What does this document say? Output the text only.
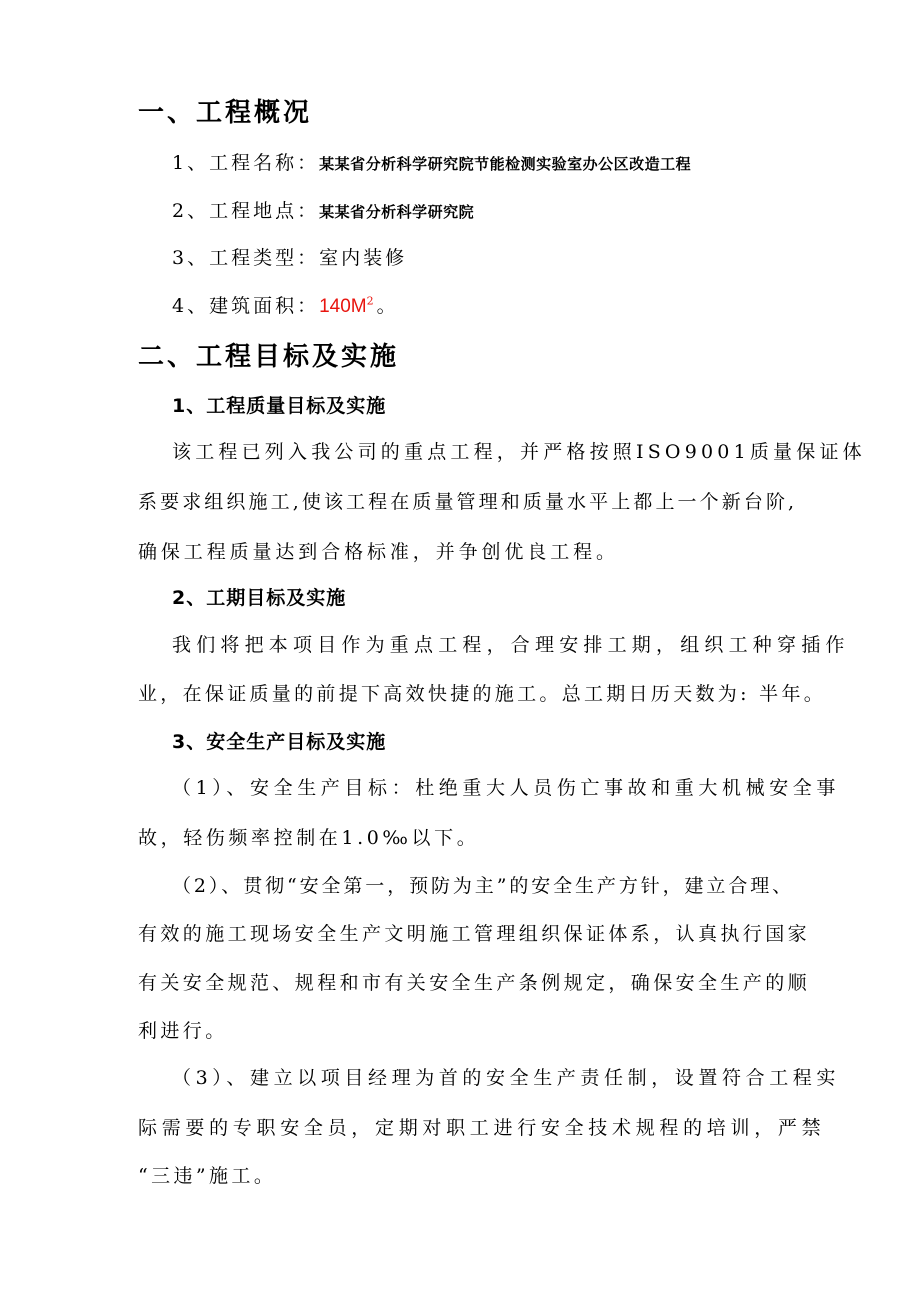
一、工程概况
1、工程名称：某某省分析科学研究院节能检测实验室办公区改造工程
2、工程地点：某某省分析科学研究院
3、工程类型：室内装修
4、建筑面积：$140M^2$。
二、工程目标及实施
1、工程质量目标及实施
该工程已列入我公司的重点工程，并严格按照ISO9001质量保证体
系要求组织施工,使该工程在质量管理和质量水平上都上一个新台阶,
确保工程质量达到合格标准，并争创优良工程。
2、工期目标及实施
我们将把本项目作为重点工程，合理安排工期，组织工种穿插作
业，在保证质量的前提下高效快捷的施工。总工期日历天数为: 半年。
3、安全生产目标及实施
（1）、安全生产目标：杜绝重大人员伤亡事故和重大机械安全事
故，轻伤频率控制在1.0‰以下。
（2）、贯彻“安全第一，预防为主”的安全生产方针，建立合理、
有效的施工现场安全生产文明施工管理组织保证体系，认真执行国家
有关安全规范、规程和市有关安全生产条例规定，确保安全生产的顺
利进行。
（3）、建立以项目经理为首的安全生产责任制，设置符合工程实
际需要的专职安全员，定期对职工进行安全技术规程的培训，严禁
“三违”施工。
